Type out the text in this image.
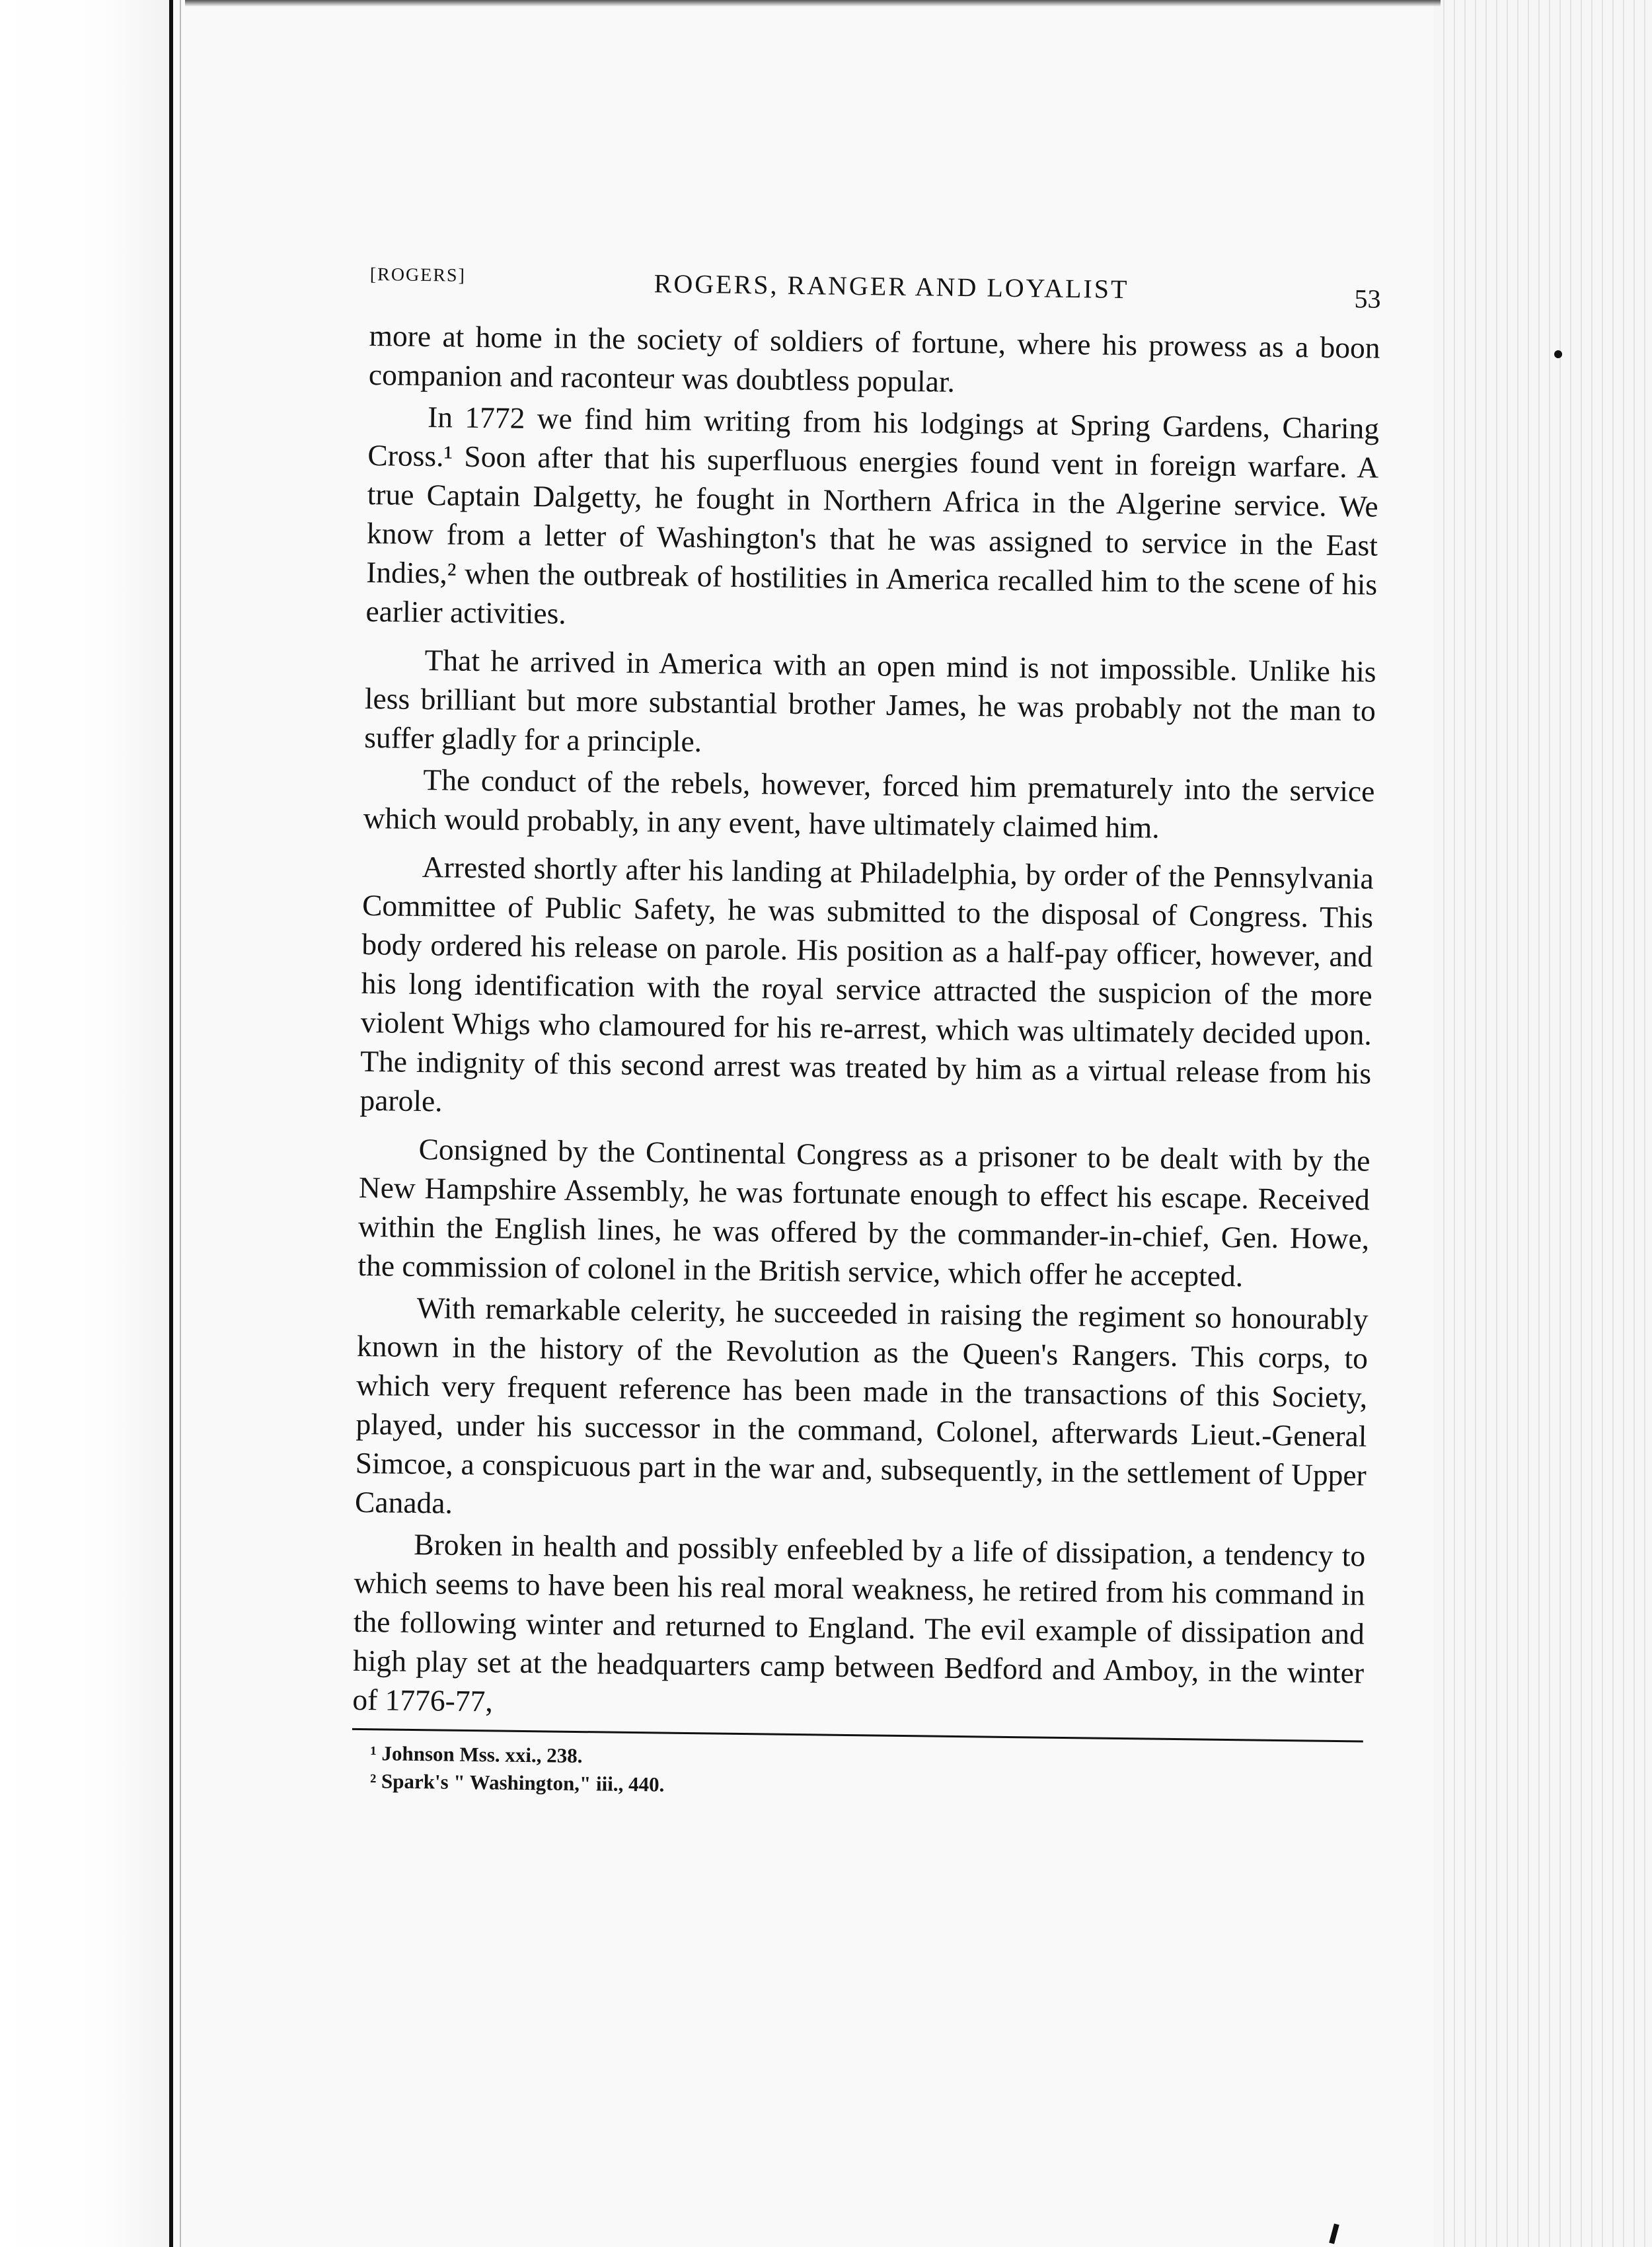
[ROGERS]	ROGERS, RANGER AND LOYALIST	53

more at home in the society of soldiers of fortune, where his prowess as a boon companion and raconteur was doubtless popular.

In 1772 we find him writing from his lodgings at Spring Gardens, Charing Cross.¹ Soon after that his superfluous energies found vent in foreign warfare. A true Captain Dalgetty, he fought in Northern Africa in the Algerine service. We know from a letter of Washington's that he was assigned to service in the East Indies,² when the outbreak of hostilities in America recalled him to the scene of his earlier activities.

That he arrived in America with an open mind is not impossible. Unlike his less brilliant but more substantial brother James, he was probably not the man to suffer gladly for a principle.

The conduct of the rebels, however, forced him prematurely into the service which would probably, in any event, have ultimately claimed him.

Arrested shortly after his landing at Philadelphia, by order of the Pennsylvania Committee of Public Safety, he was submitted to the disposal of Congress. This body ordered his release on parole. His position as a half-pay officer, however, and his long identification with the royal service attracted the suspicion of the more violent Whigs who clamoured for his re-arrest, which was ultimately decided upon. The indignity of this second arrest was treated by him as a virtual release from his parole.

Consigned by the Continental Congress as a prisoner to be dealt with by the New Hampshire Assembly, he was fortunate enough to effect his escape. Received within the English lines, he was offered by the commander-in-chief, Gen. Howe, the commission of colonel in the British service, which offer he accepted.

With remarkable celerity, he succeeded in raising the regiment so honourably known in the history of the Revolution as the Queen's Rangers. This corps, to which very frequent reference has been made in the transactions of this Society, played, under his successor in the command, Colonel, afterwards Lieut.-General Simcoe, a conspicuous part in the war and, subsequently, in the settlement of Upper Canada.

Broken in health and possibly enfeebled by a life of dissipation, a tendency to which seems to have been his real moral weakness, he retired from his command in the following winter and returned to England. The evil example of dissipation and high play set at the headquarters camp between Bedford and Amboy, in the winter of 1776-77,

¹ Johnson Mss. xxi., 238.
² Spark's " Washington," iii., 440.
